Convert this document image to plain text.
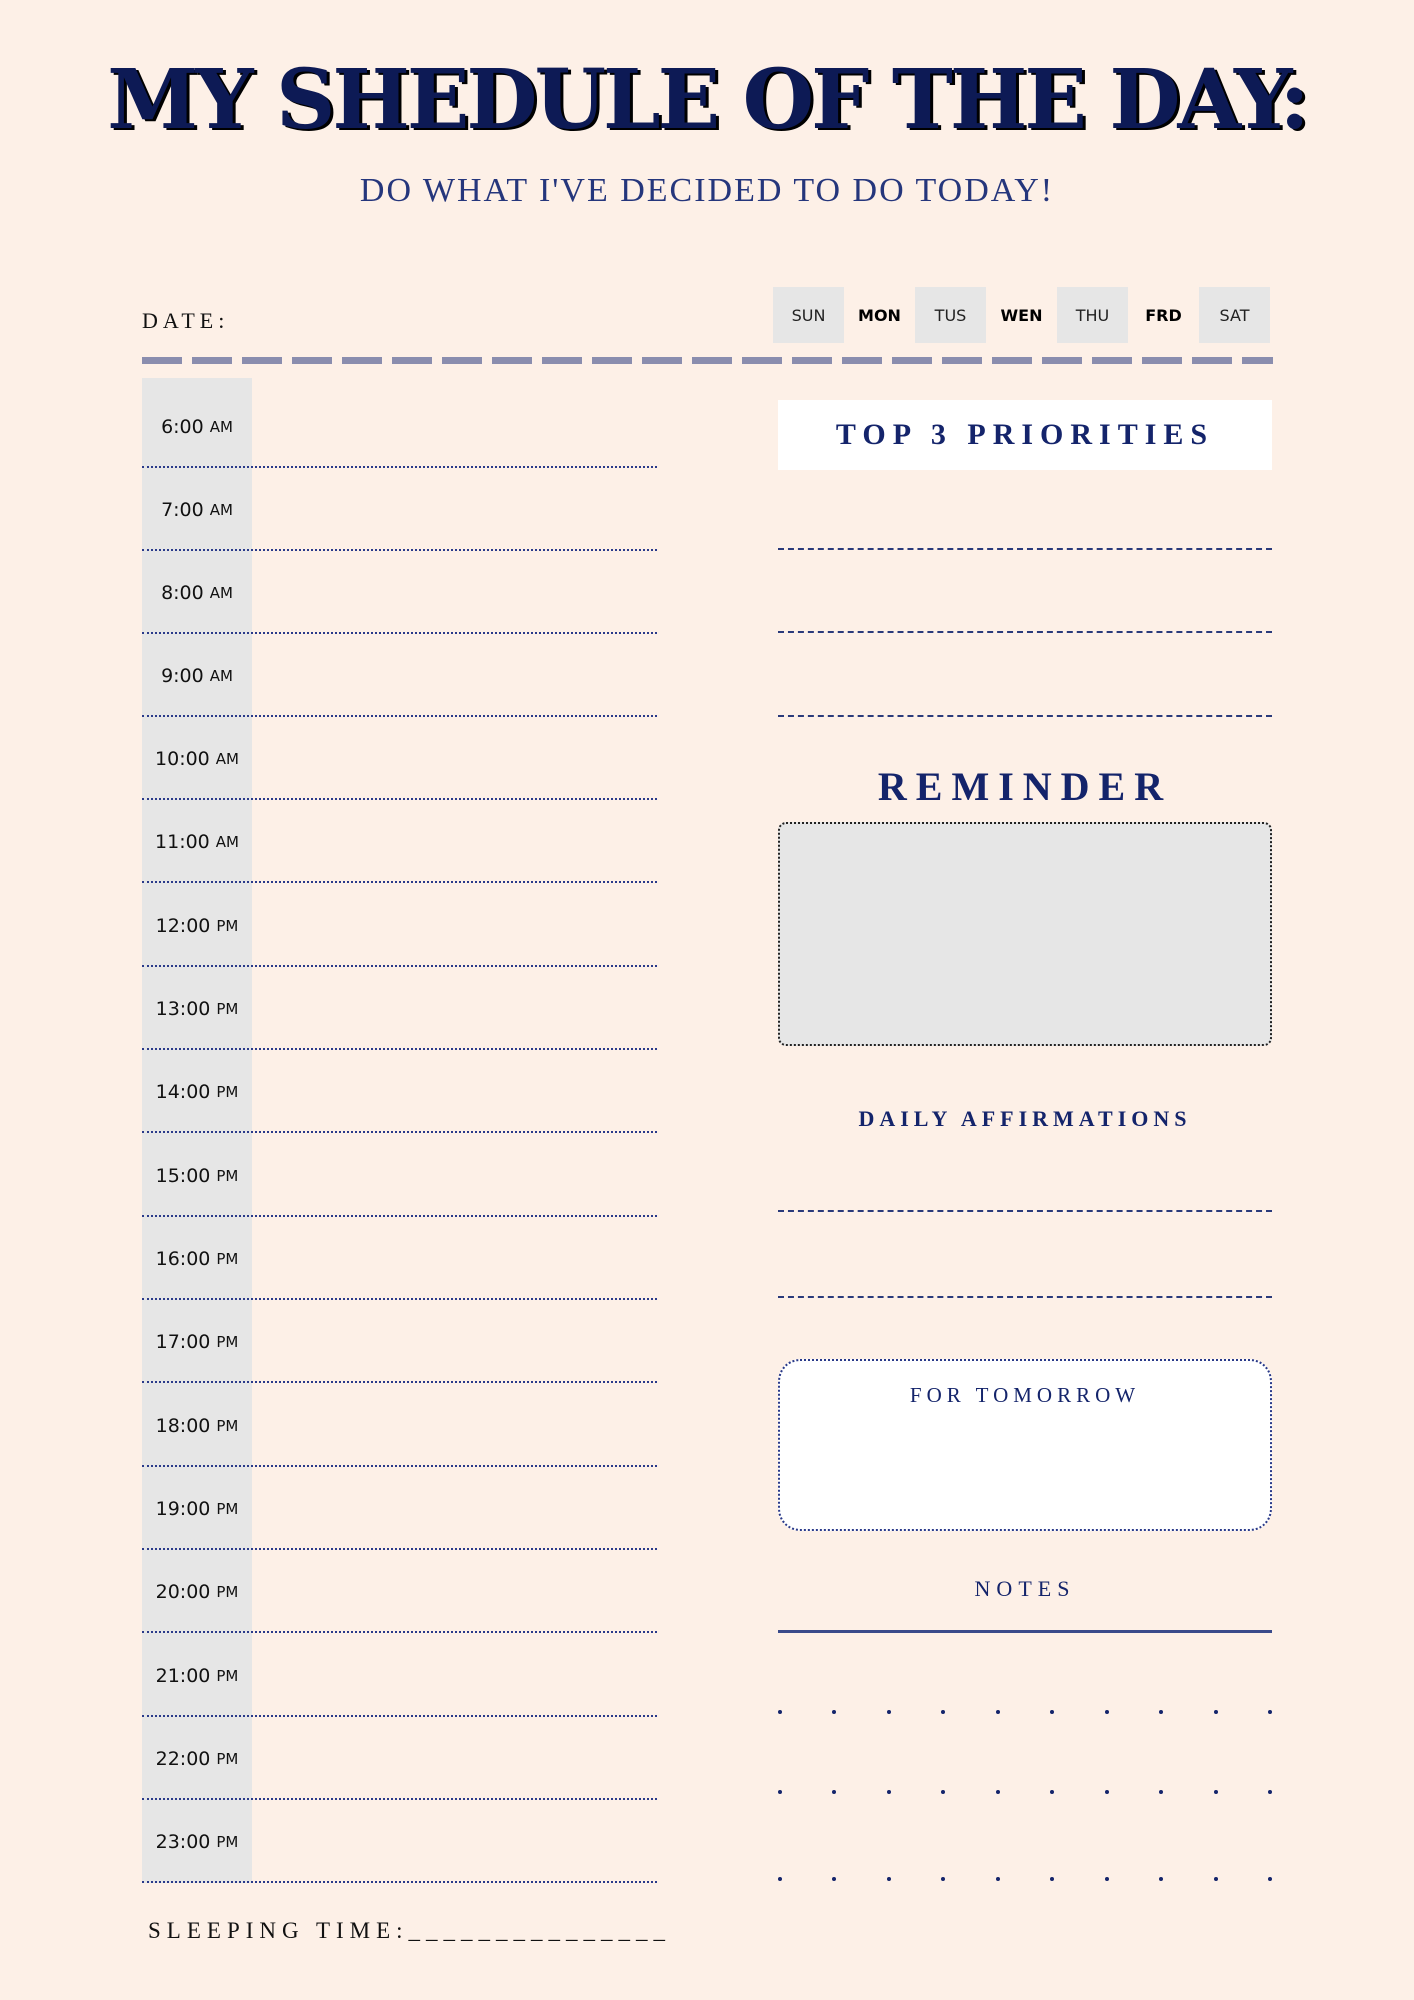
MY SHEDULE OF THE DAY:
DO WHAT I'VE DECIDED TO DO TODAY!
DATE:	SUN	MON	TUS	WEN	THU	FRD	SAT
6:00 AM
7:00 AM
8:00 AM
9:00 AM
10:00 AM
11:00 AM
12:00 PM
13:00 PM
14:00 PM
15:00 PM
16:00 PM
17:00 PM
18:00 PM
19:00 PM
20:00 PM
21:00 PM
22:00 PM
23:00 PM
SLEEPING TIME:_______________
TOP 3 PRIORITIES
REMINDER
DAILY AFFIRMATIONS
FOR TOMORROW
NOTES
